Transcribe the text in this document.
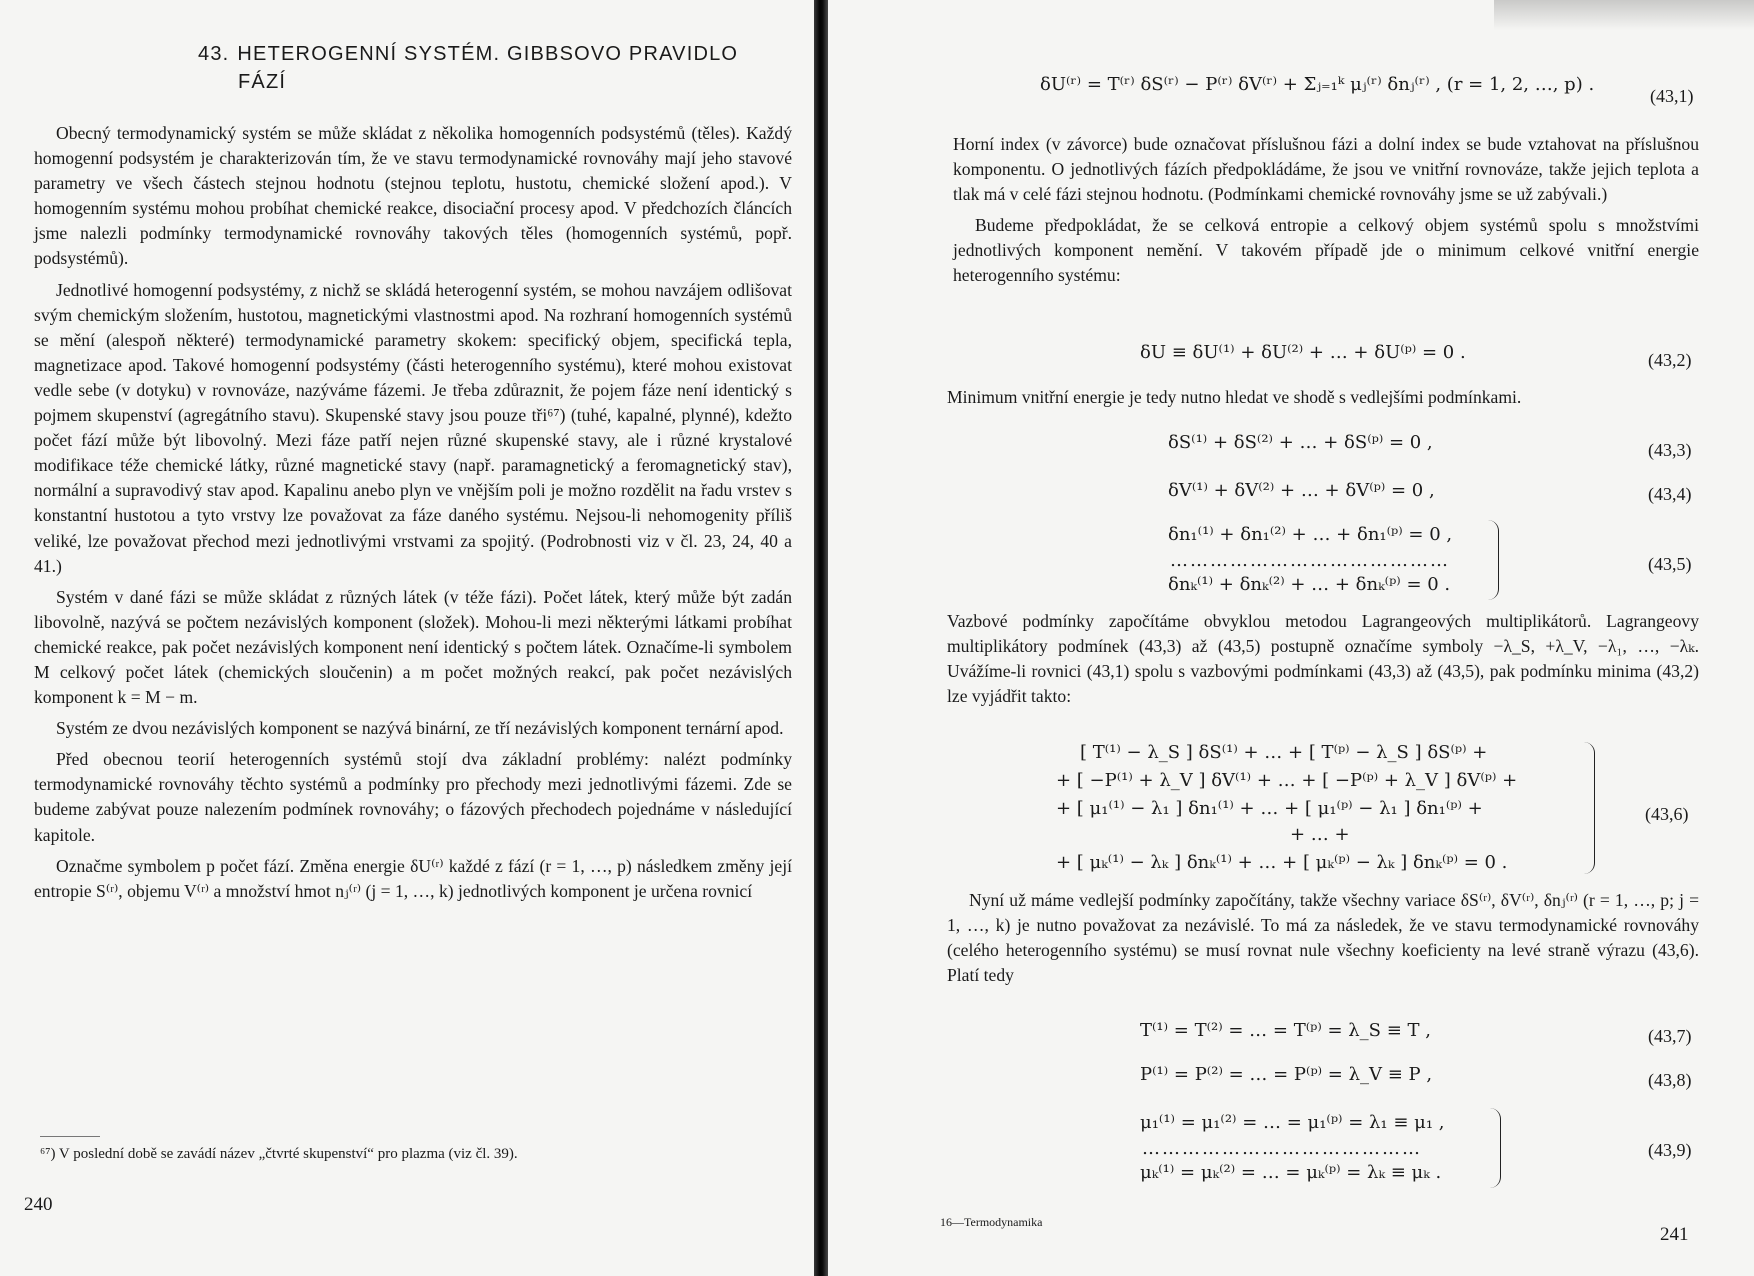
43. HETEROGENNÍ SYSTÉM. GIBBSOVO PRAVIDLO
FÁZÍ

Obecný termodynamický systém se může skládat z několika homogenních podsystémů (těles). Každý homogenní podsystém je charakterizován tím, že ve stavu termodynamické rovnováhy mají jeho stavové parametry ve všech částech stejnou hodnotu (stejnou teplotu, hustotu, chemické složení apod.). V homogenním systému mohou probíhat chemické reakce, disociační procesy apod. V předchozích článcích jsme nalezli podmínky termodynamické rovnováhy takových těles (homogenních systémů, popř. podsystémů).

Jednotlivé homogenní podsystémy, z nichž se skládá heterogenní systém, se mohou navzájem odlišovat svým chemickým složením, hustotou, magnetickými vlastnostmi apod. Na rozhraní homogenních systémů se mění (alespoň některé) termodynamické parametry skokem: specifický objem, specifická tepla, magnetizace apod. Takové homogenní podsystémy (části heterogenního systému), které mohou existovat vedle sebe (v dotyku) v rovnováze, nazýváme fázemi. Je třeba zdůraznit, že pojem fáze není identický s pojmem skupenství (agregátního stavu). Skupenské stavy jsou pouze tři⁶⁷) (tuhé, kapalné, plynné), kdežto počet fází může být libovolný. Mezi fáze patří nejen různé skupenské stavy, ale i různé krystalové modifikace téže chemické látky, různé magnetické stavy (např. paramagnetický a feromagnetický stav), normální a supravodivý stav apod. Kapalinu anebo plyn ve vnějším poli je možno rozdělit na řadu vrstev s konstantní hustotou a tyto vrstvy lze považovat za fáze daného systému. Nejsou-li nehomogenity příliš veliké, lze považovat přechod mezi jednotlivými vrstvami za spojitý. (Podrobnosti viz v čl. 23, 24, 40 a 41.)

Systém v dané fázi se může skládat z různých látek (v téže fázi). Počet látek, který může být zadán libovolně, nazývá se počtem nezávislých komponent (složek). Mohou-li mezi některými látkami probíhat chemické reakce, pak počet nezávislých komponent není identický s počtem látek. Označíme-li symbolem M celkový počet látek (chemických sloučenin) a m počet možných reakcí, pak počet nezávislých komponent k = M − m.

Systém ze dvou nezávislých komponent se nazývá binární, ze tří nezávislých komponent ternární apod.

Před obecnou teorií heterogenních systémů stojí dva základní problémy: nalézt podmínky termodynamické rovnováhy těchto systémů a podmínky pro přechody mezi jednotlivými fázemi. Zde se budeme zabývat pouze nalezením podmínek rovnováhy; o fázových přechodech pojednáme v následující kapitole.

Označme symbolem p počet fází. Změna energie δU⁽ʳ⁾ každé z fází (r = 1, …, p) následkem změny její entropie S⁽ʳ⁾, objemu V⁽ʳ⁾ a množství hmot nⱼ⁽ʳ⁾ (j = 1, …, k) jednotlivých komponent je určena rovnicí

⁶⁷) V poslední době se zavádí název „čtvrté skupenství“ pro plazma (viz čl. 39).
240
δU⁽ʳ⁾ = T⁽ʳ⁾ δS⁽ʳ⁾ − P⁽ʳ⁾ δV⁽ʳ⁾ + Σⱼ₌₁ᵏ μⱼ⁽ʳ⁾ δnⱼ⁽ʳ⁾ , (r = 1, 2, …, p) .
(43,1)

Horní index (v závorce) bude označovat příslušnou fázi a dolní index se bude vztahovat na příslušnou komponentu. O jednotlivých fázích předpokládáme, že jsou ve vnitřní rovnováze, takže jejich teplota a tlak má v celé fázi stejnou hodnotu. (Podmínkami chemické rovnováhy jsme se už zabývali.)

Budeme předpokládat, že se celková entropie a celkový objem systémů spolu s množstvími jednotlivých komponent nemění. V takovém případě jde o minimum celkové vnitřní energie heterogenního systému:

δU ≡ δU⁽¹⁾ + δU⁽²⁾ + … + δU⁽ᵖ⁾ = 0 .	(43,2)

Minimum vnitřní energie je tedy nutno hledat ve shodě s vedlejšími podmínkami.

δS⁽¹⁾ + δS⁽²⁾ + … + δS⁽ᵖ⁾ = 0 ,	(43,3)
δV⁽¹⁾ + δV⁽²⁾ + … + δV⁽ᵖ⁾ = 0 ,	(43,4)
δn₁⁽¹⁾ + δn₁⁽²⁾ + … + δn₁⁽ᵖ⁾ = 0 ,
……………………………………
δnₖ⁽¹⁾ + δnₖ⁽²⁾ + … + δnₖ⁽ᵖ⁾ = 0 .
(43,5)

Vazbové podmínky započítáme obvyklou metodou Lagrangeových multiplikátorů. Lagrangeovy multiplikátory podmínek (43,3) až (43,5) postupně označíme symboly −λ_S, +λ_V, −λ₁, …, −λₖ. Uvážíme-li rovnici (43,1) spolu s vazbovými podmínkami (43,3) až (43,5), pak podmínku minima (43,2) lze vyjádřit takto:

[ T⁽¹⁾ − λ_S ] δS⁽¹⁾ + … + [ T⁽ᵖ⁾ − λ_S ] δS⁽ᵖ⁾ +
+ [ −P⁽¹⁾ + λ_V ] δV⁽¹⁾ + … + [ −P⁽ᵖ⁾ + λ_V ] δV⁽ᵖ⁾ +
+ [ μ₁⁽¹⁾ − λ₁ ] δn₁⁽¹⁾ + … + [ μ₁⁽ᵖ⁾ − λ₁ ] δn₁⁽ᵖ⁾ +
+ … +
+ [ μₖ⁽¹⁾ − λₖ ] δnₖ⁽¹⁾ + … + [ μₖ⁽ᵖ⁾ − λₖ ] δnₖ⁽ᵖ⁾ = 0 .
(43,6)

Nyní už máme vedlejší podmínky započítány, takže všechny variace δS⁽ʳ⁾, δV⁽ʳ⁾, δnⱼ⁽ʳ⁾ (r = 1, …, p; j = 1, …, k) je nutno považovat za nezávislé. To má za následek, že ve stavu termodynamické rovnováhy (celého heterogenního systému) se musí rovnat nule všechny koeficienty na levé straně výrazu (43,6). Platí tedy

T⁽¹⁾ = T⁽²⁾ = … = T⁽ᵖ⁾ = λ_S ≡ T ,	(43,7)
P⁽¹⁾ = P⁽²⁾ = … = P⁽ᵖ⁾ = λ_V ≡ P ,	(43,8)
μ₁⁽¹⁾ = μ₁⁽²⁾ = … = μ₁⁽ᵖ⁾ = λ₁ ≡ μ₁ ,
……………………………………
μₖ⁽¹⁾ = μₖ⁽²⁾ = … = μₖ⁽ᵖ⁾ = λₖ ≡ μₖ .
(43,9)
16—Termodynamika
241
